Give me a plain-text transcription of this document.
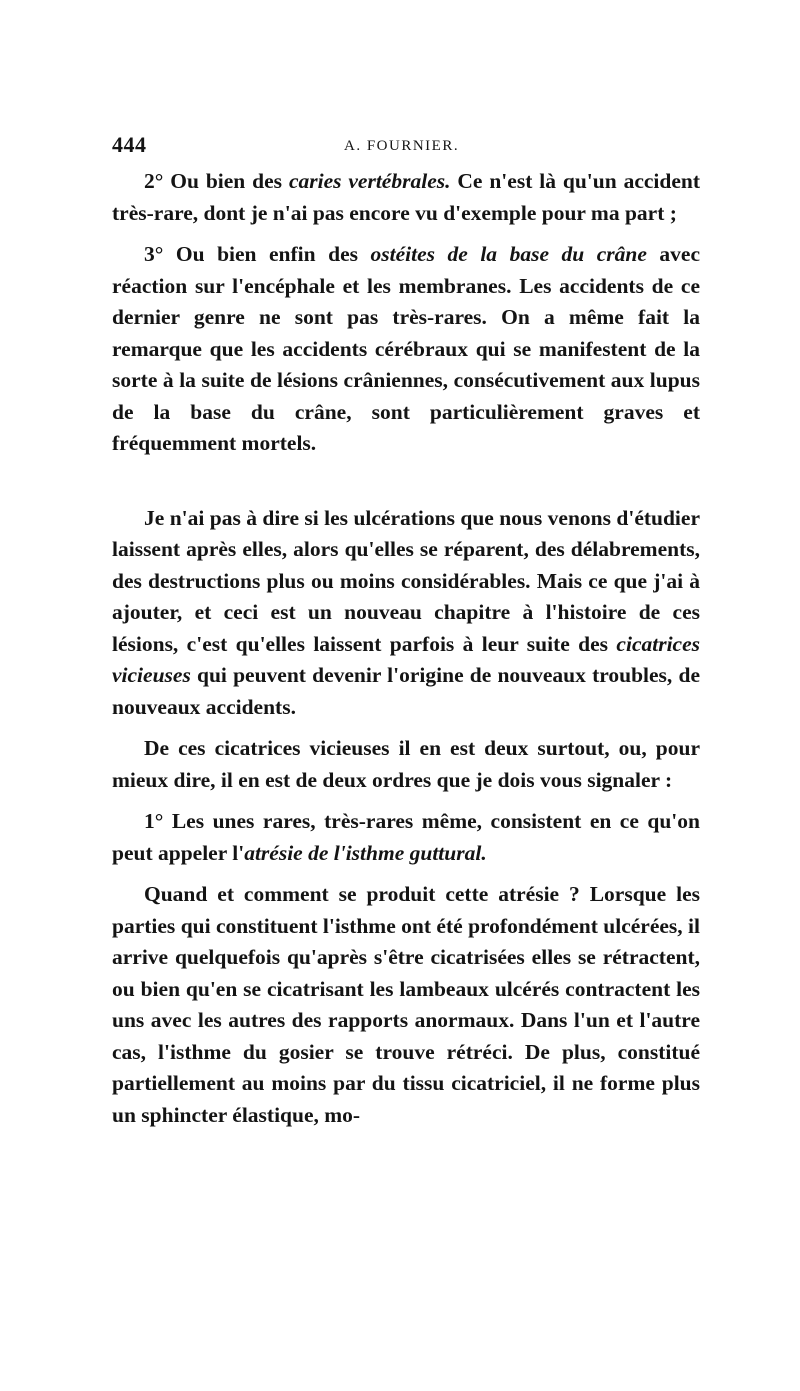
444	A. FOURNIER.

2° Ou bien des caries vertébrales. Ce n'est là qu'un accident très-rare, dont je n'ai pas encore vu d'exemple pour ma part ;

3° Ou bien enfin des ostéites de la base du crâne avec réaction sur l'encéphale et les membranes. Les accidents de ce dernier genre ne sont pas très-rares. On a même fait la remarque que les accidents cérébraux qui se manifestent de la sorte à la suite de lésions crâniennes, consécutivement aux lupus de la base du crâne, sont particulièrement graves et fréquemment mortels.

Je n'ai pas à dire si les ulcérations que nous venons d'étudier laissent après elles, alors qu'elles se réparent, des délabrements, des destructions plus ou moins considérables. Mais ce que j'ai à ajouter, et ceci est un nouveau chapitre à l'histoire de ces lésions, c'est qu'elles laissent parfois à leur suite des cicatrices vicieuses qui peuvent devenir l'origine de nouveaux troubles, de nouveaux accidents.

De ces cicatrices vicieuses il en est deux surtout, ou, pour mieux dire, il en est de deux ordres que je dois vous signaler :

1° Les unes rares, très-rares même, consistent en ce qu'on peut appeler l'atrésie de l'isthme guttural.

Quand et comment se produit cette atrésie ? Lorsque les parties qui constituent l'isthme ont été profondément ulcérées, il arrive quelquefois qu'après s'être cicatrisées elles se rétractent, ou bien qu'en se cicatrisant les lambeaux ulcérés contractent les uns avec les autres des rapports anormaux. Dans l'un et l'autre cas, l'isthme du gosier se trouve rétréci. De plus, constitué partiellement au moins par du tissu cicatriciel, il ne forme plus un sphincter élastique, mo-
